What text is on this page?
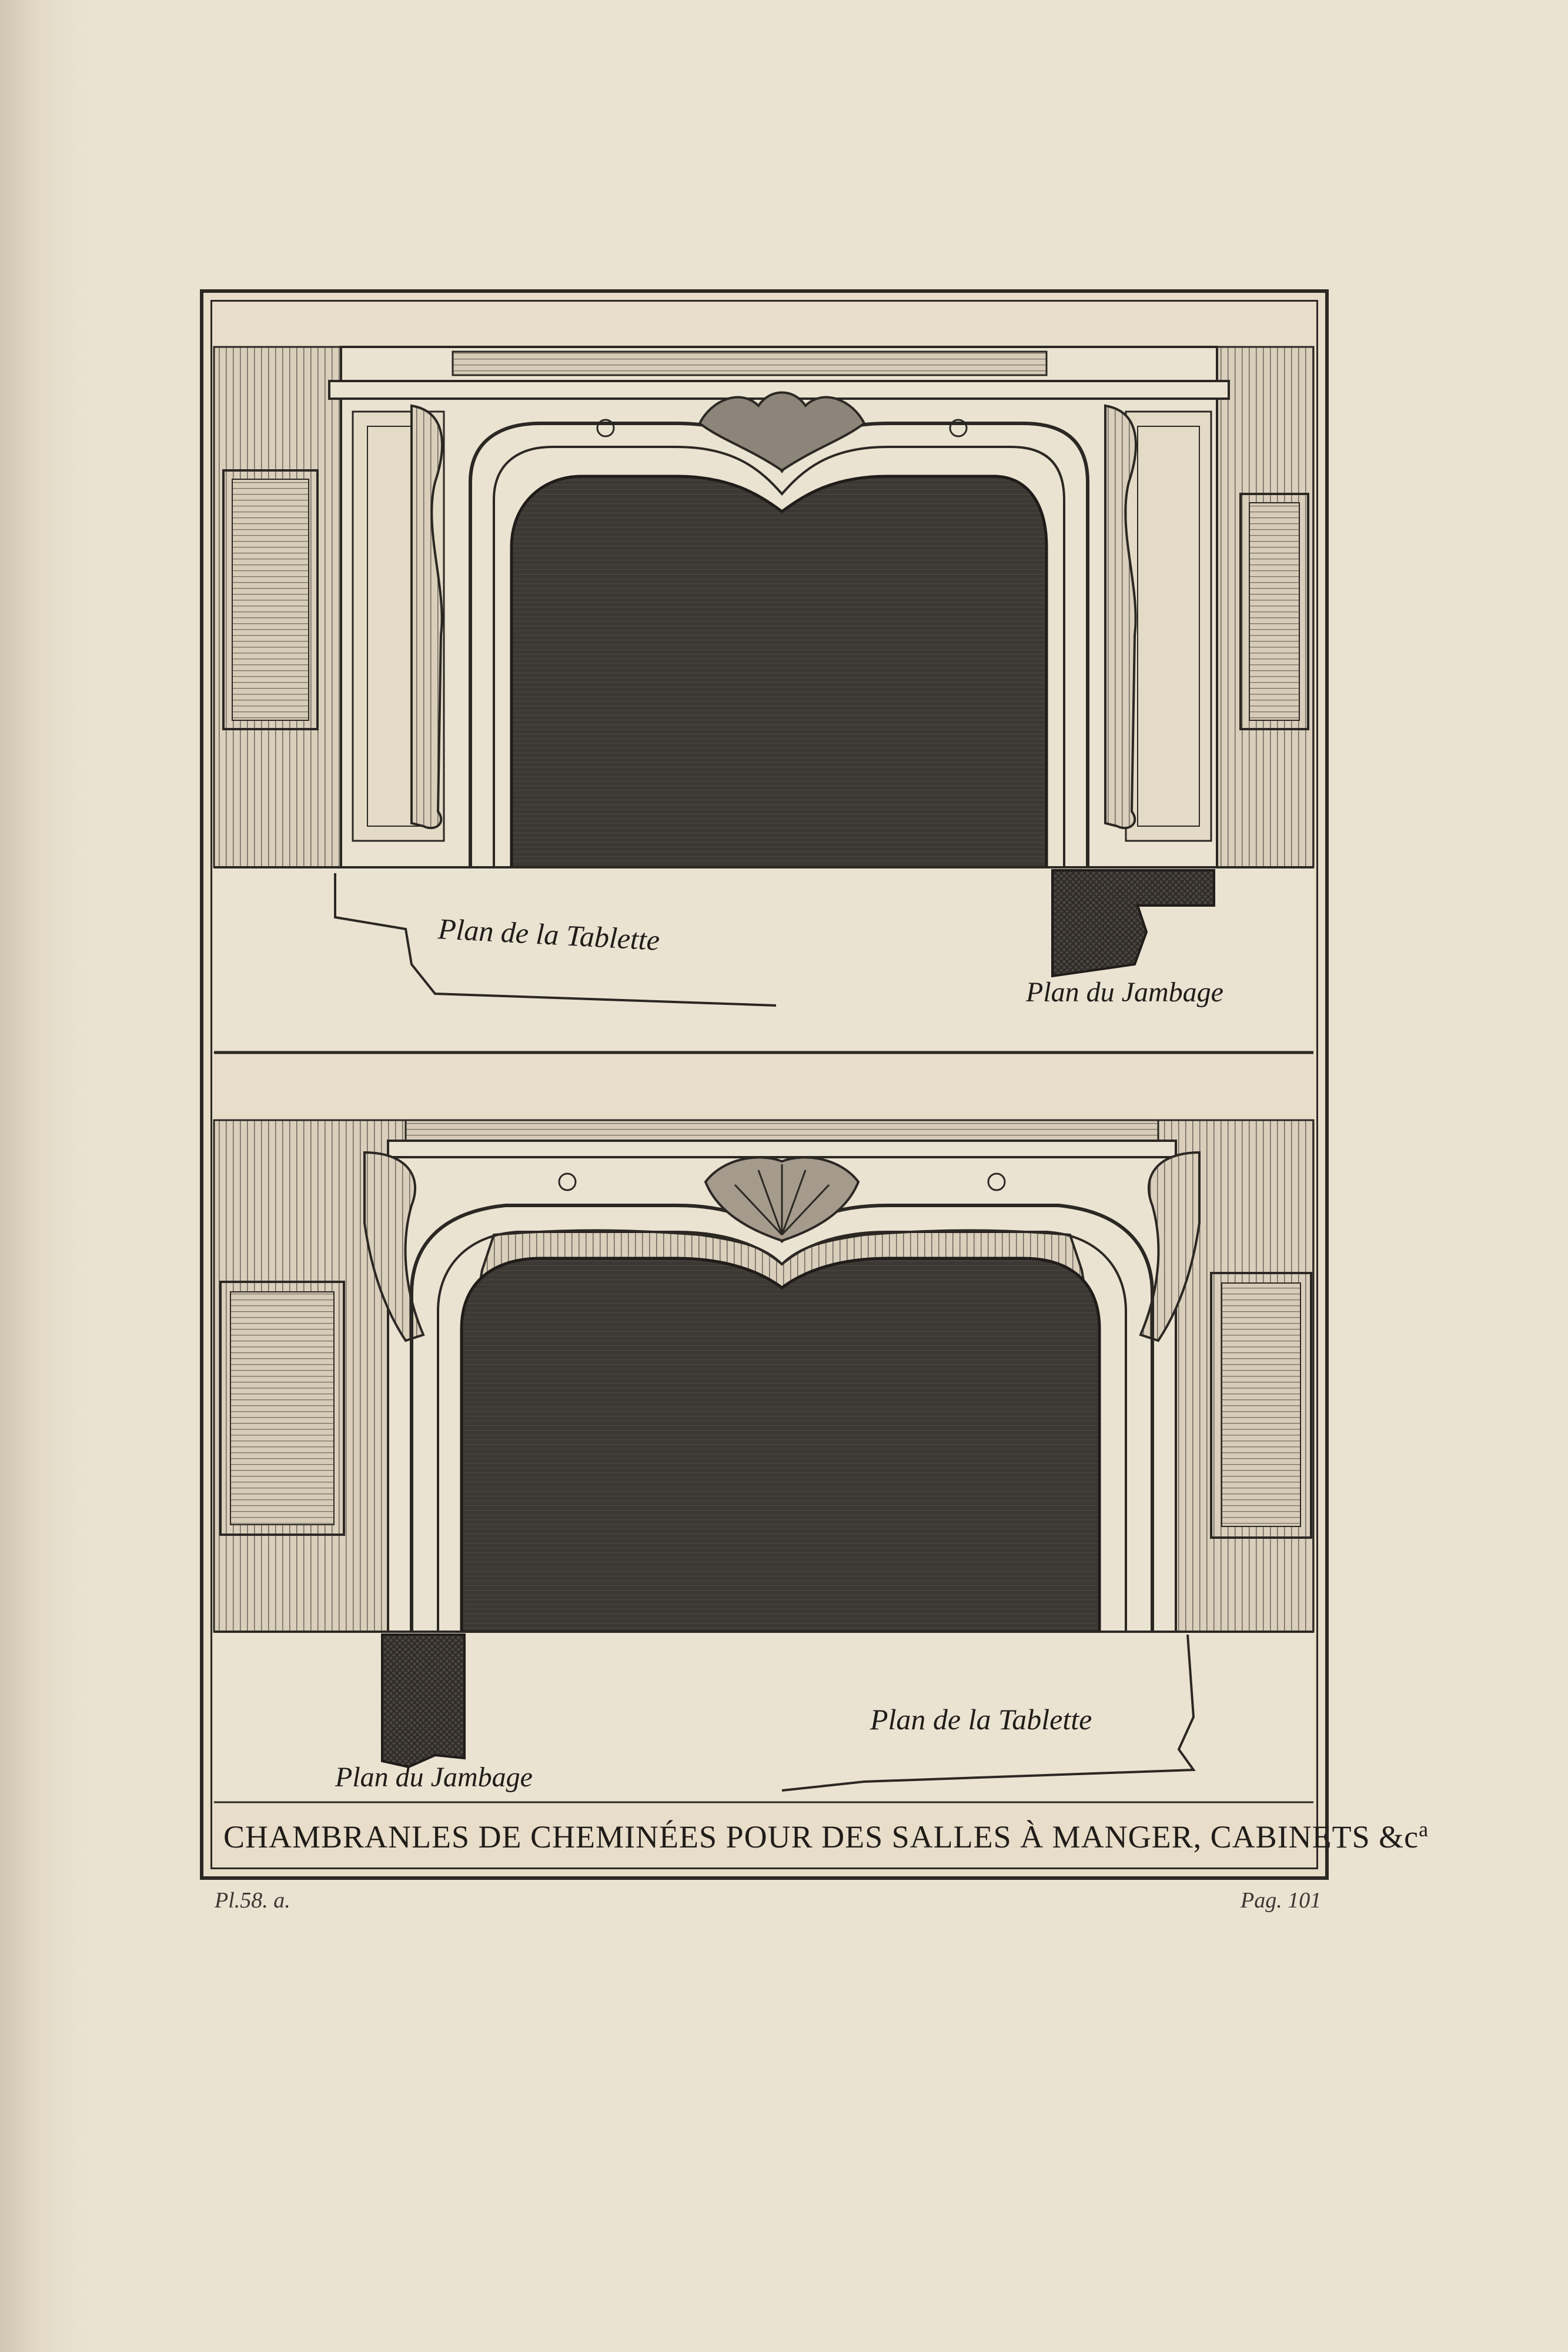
Plan de la Tablette
Plan du Jambage
Plan de la Tablette
Plan du Jambage
CHAMBRANLES DE CHEMINÉES POUR DES SALLES À MANGER, CABINETS $\&c^a$
Pl.58. a.	Pag. 101
